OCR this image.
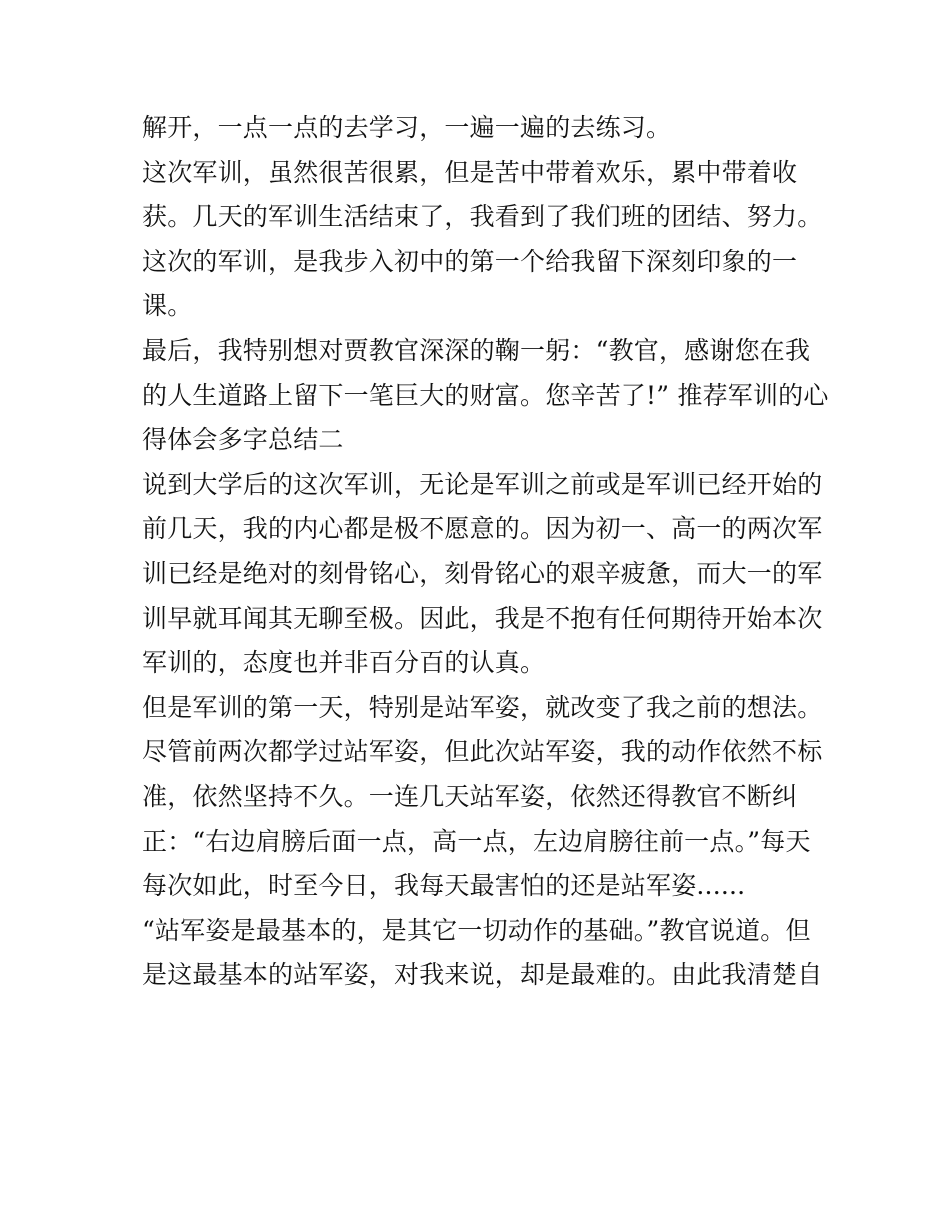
解开，一点一点的去学习，一遍一遍的去练习。
这次军训，虽然很苦很累，但是苦中带着欢乐，累中带着收
获。几天的军训生活结束了，我看到了我们班的团结、努力。
这次的军训，是我步入初中的第一个给我留下深刻印象的一
课。
最后，我特别想对贾教官深深的鞠一躬：“教官，感谢您在我
的人生道路上留下一笔巨大的财富。您辛苦了!” 推荐军训的心
得体会多字总结二
说到大学后的这次军训，无论是军训之前或是军训已经开始的
前几天，我的内心都是极不愿意的。因为初一、高一的两次军
训已经是绝对的刻骨铭心，刻骨铭心的艰辛疲惫，而大一的军
训早就耳闻其无聊至极。因此，我是不抱有任何期待开始本次
军训的，态度也并非百分百的认真。
但是军训的第一天，特别是站军姿，就改变了我之前的想法。
尽管前两次都学过站军姿，但此次站军姿，我的动作依然不标
准，依然坚持不久。一连几天站军姿，依然还得教官不断纠
正：“右边肩膀后面一点，高一点，左边肩膀往前一点。”每天
每次如此，时至今日，我每天最害怕的还是站军姿......
“站军姿是最基本的，是其它一切动作的基础。”教官说道。但
是这最基本的站军姿，对我来说，却是最难的。由此我清楚自
